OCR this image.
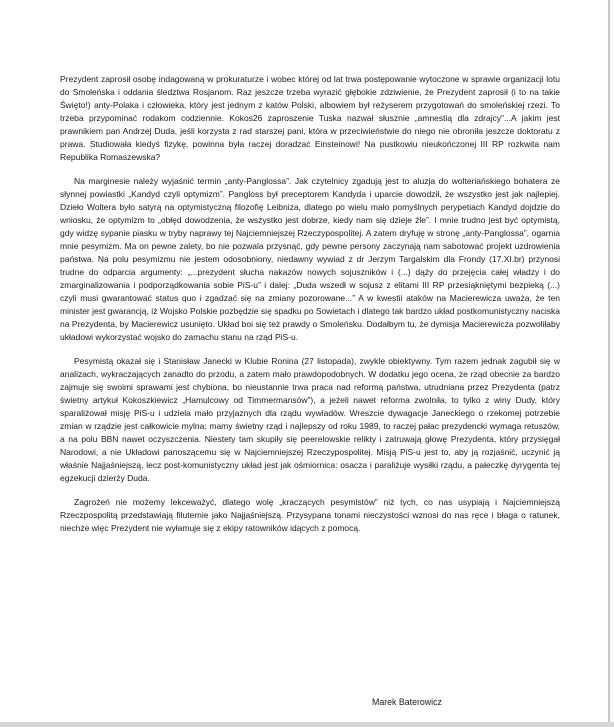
Prezydent zaprosił osobę indagowaną w prokuraturze i wobec której od lat trwa postępowanie wytoczone w sprawie organizacji lotu do Smoleńska i oddania śledztwa Rosjanom. Raz jeszcze trzeba wyrazić głębokie zdziwienie, że Prezydent zaprosił (i to na takie Święto!) anty-Polaka i człowieka, który jest jednym z katów Polski, albowiem był reżyserem przygotowań do smoleńskiej rzezi. To trzeba przypominać rodakom codziennie. Kokos26 zaproszenie Tuska nazwał słusznie „amnestią dla zdrajcy”...A jakim jest prawnikiem pan Andrzej Duda, jeśli korzysta z rad starszej pani, która w przeciwieństwie do niego nie obroniła jeszcze doktoratu z prawa. Studiowała kiedyś fizykę, powinna była raczej doradzać Einsteinowi! Na pustkowiu nieukończonej III RP rozkwita nam Republika Romaszewska?

Na marginesie należy wyjaśnić termin „anty-Panglossa”. Jak czytelnicy zgadują jest to aluzja do wolteriańskiego bohatera ze słynnej powiastki „Kandyd czyli optymizm”. Pangloss był preceptorem Kandyda i uparcie dowodził, że wszystko jest jak najlepiej. Dzieło Woltera było satyrą na optymistyczną filozofię Leibniza, dlatego po wielu mało pomyślnych perypetiach Kandyd dojdzie do wniosku, że optymizm to „obłęd dowodzenia, że wszystko jest dobrze, kiedy nam się dzieje źle”. I mnie trudno jest być optymistą, gdy widzę sypanie piasku w tryby naprawy tej Najciemniejszej Rzeczypospolitej. A zatem dryfuję w stronę „anty-Panglossa”, ogarnia mnie pesymizm. Ma on pewne zalety, bo nie pozwala przysnąć, gdy pewne persony zaczynają nam sabotować projekt uzdrowienia państwa. Na polu pesymizmu nie jestem odosobniony, niedawny wywiad z dr Jerzym Targalskim dla Frondy (17.XI.br) przynosi trudne do odparcia argumenty: „...prezydent słucha nakazów nowych sojuszników i (...) dąży do przejęcia całej władzy i do zmarginalizowania i podporządkowania sobie PiS-u” i dalej: „Duda wszedł w sojusz z elitami III RP przesiąkniętymi bezpieką (...) czyli musi gwarantować status quo i zgadzać się na zmiany pozorowane...” A w kwestii ataków na Macierewicza uważa, że ten minister jest gwarancją, iż Wojsko Polskie pozbędzie się spadku po Sowietach i dlatego tak bardzo układ postkomunistyczny naciska na Prezydenta, by Macierewicz usunięto. Układ boi się też prawdy o Smoleńsku. Dodałbym tu, że dymisja Macierewicza pozwoliłaby układowi wykorzystać wojsko do zamachu stanu na rząd PiS-u.

Pesymistą okazał się i Stanisław Janecki w Klubie Ronina (27 listopada), zwykle obiektywny. Tym razem jednak zagubił się w analizach, wykraczających zanadto do przodu, a zatem mało prawdopodobnych. W dodatku jego ocena, że rząd obecnie za bardzo zajmuje się swoimi sprawami jest chybiona, bo nieustannie trwa praca nad reformą państwa, utrudniana przez Prezydenta (patrz świetny artykuł Kokoszkiewicz „Hamulcowy od Timmermansów”), a jeżeli nawet reforma zwolniła, to tylko z winy Dudy, który sparaliżował misję PiS-u i udziela mało przyjaznych dla rządu wywiadów. Wreszcie dywagacje Janeckiego o rzekomej potrzebie zmian w rządzie jest całkowicie mylna: mamy świetny rząd i najlepszy od roku 1989, to raczej pałac prezydencki wymaga retuszów, a na polu BBN nawet oczyszczenia. Niestety tam skupiły się peerelowskie relikty i zatruwają głowę Prezydenta, który przysięgał Narodowi, a nie Układowi panoszącemu się w Najciemniejszej Rzeczypospolitej. Misją PiS-u jest to, aby ją rozjaśnić, uczynić ją właśnie Najjaśniejszą, lecz post-komunistyczny układ jest jak ośmiornica: osacza i paraliżuje wysiłki rządu, a pałeczkę dyrygenta tej egzekucji dzierży Duda.

Zagrożeń nie możemy lekceważyć, dlatego wolę „kraczących pesymistów” niż tych, co nas usypiają i Najciemniejszą Rzeczpospolitą przedstawiają filuternie jako Najjaśniejszą. Przysypana tonami nieczystości wznosi do nas ręce i błaga o ratunek, niechże więc Prezydent nie wyłamuje się z ekipy ratowników idących z pomocą.

Marek Baterowicz
